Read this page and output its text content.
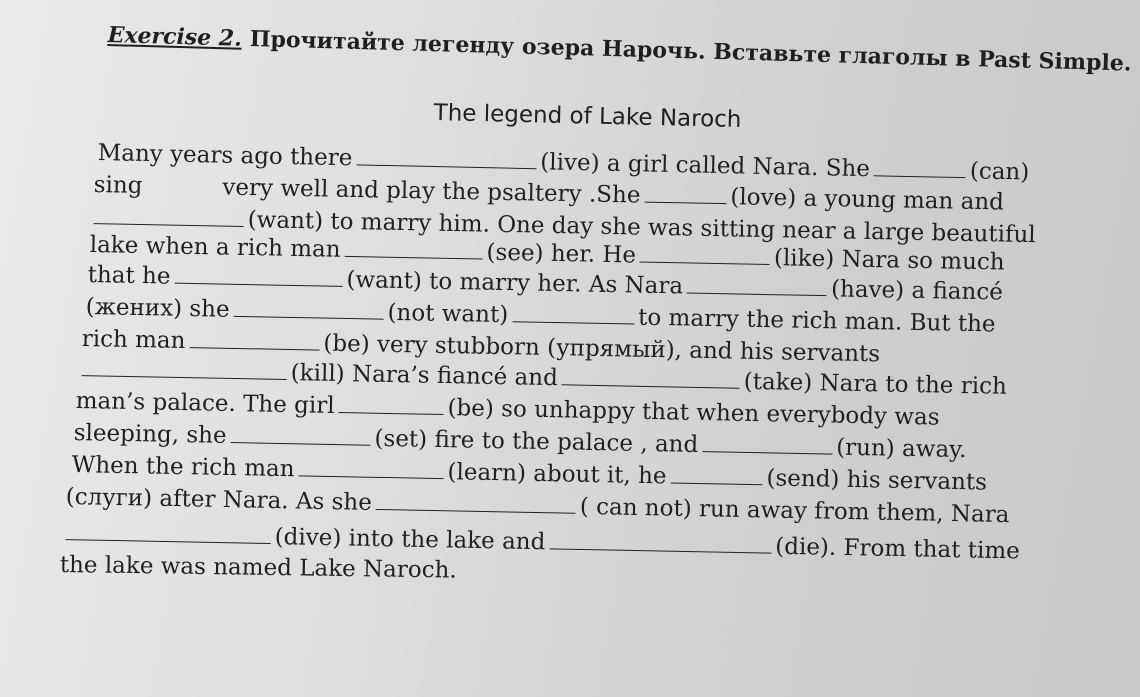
Exercise 2. Прочитайте легенду озера Нарочь. Вставьте глаголы в Past Simple.
The legend of Lake Naroch
Many years ago there	(live) a girl called Nara. She	(can)
sing	very well and play the psaltery .She	(love) a young man and
(want) to marry him. One day she was sitting near a large beautiful
lake when a rich man	(see) her. He	(like) Nara so much
that he	(want) to marry her. As Nara	(have) a fiancé
(жених) she	(not want)	to marry the rich man. But the
rich man	(be) very stubborn (упрямый), and his servants
(kill) Nara’s fiancé and	(take) Nara to the rich
man’s palace. The girl	(be) so unhappy that when everybody was
sleeping, she	(set) fire to the palace , and	(run) away.
When the rich man	(learn) about it, he	(send) his servants
(слуги) after Nara. As she	( can not) run away from them, Nara
(dive) into the lake and	(die). From that time
the lake was named Lake Naroch.
